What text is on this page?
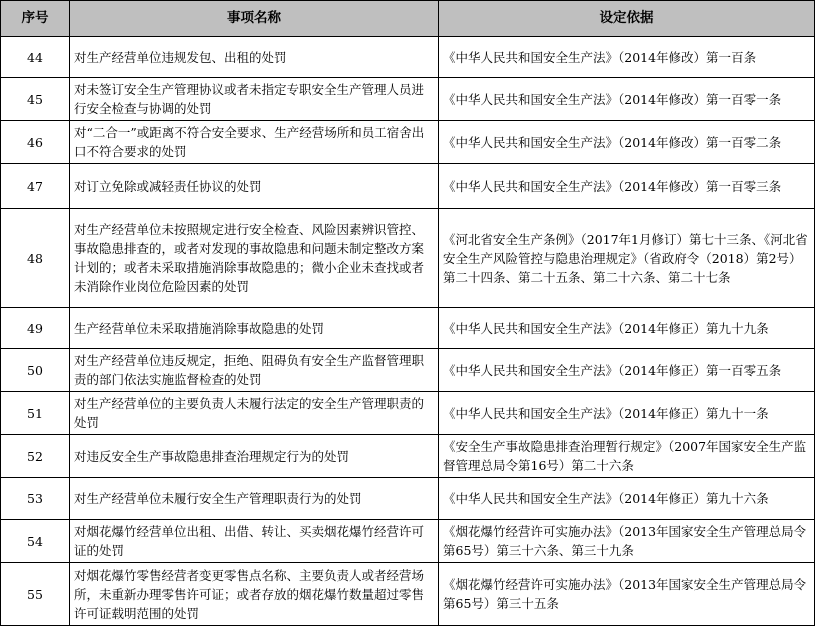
序号	事项名称	设定依据
44	对生产经营单位违规发包、出租的处罚	《中华人民共和国安全生产法》（2014年修改）第一百条
45	对未签订安全生产管理协议或者未指定专职安全生产管理人员进行安全检查与协调的处罚	《中华人民共和国安全生产法》（2014年修改）第一百零一条
46	对“二合一”或距离不符合安全要求、生产经营场所和员工宿舍出口不符合要求的处罚	《中华人民共和国安全生产法》（2014年修改）第一百零二条
47	对订立免除或减轻责任协议的处罚	《中华人民共和国安全生产法》（2014年修改）第一百零三条
48	对生产经营单位未按照规定进行安全检查、风险因素辨识管控、事故隐患排查的，或者对发现的事故隐患和问题未制定整改方案计划的；或者未采取措施消除事故隐患的；微小企业未查找或者未消除作业岗位危险因素的处罚	《河北省安全生产条例》（2017年1月修订）第七十三条、《河北省安全生产风险管控与隐患治理规定》（省政府令（2018）第2号）第二十四条、第二十五条、第二十六条、第二十七条
49	生产经营单位未采取措施消除事故隐患的处罚	《中华人民共和国安全生产法》（2014年修正）第九十九条
50	对生产经营单位违反规定，拒绝、阻碍负有安全生产监督管理职责的部门依法实施监督检查的处罚	《中华人民共和国安全生产法》（2014年修正）第一百零五条
51	对生产经营单位的主要负责人未履行法定的安全生产管理职责的处罚	《中华人民共和国安全生产法》（2014年修正）第九十一条
52	对违反安全生产事故隐患排查治理规定行为的处罚	《安全生产事故隐患排查治理暂行规定》（2007年国家安全生产监督管理总局令第16号）第二十六条
53	对生产经营单位未履行安全生产管理职责行为的处罚	《中华人民共和国安全生产法》（2014年修正）第九十六条
54	对烟花爆竹经营单位出租、出借、转让、买卖烟花爆竹经营许可证的处罚	《烟花爆竹经营许可实施办法》（2013年国家安全生产管理总局令第65号）第三十六条、第三十九条
55	对烟花爆竹零售经营者变更零售点名称、主要负责人或者经营场所，未重新办理零售许可证；或者存放的烟花爆竹数量超过零售许可证载明范围的处罚	《烟花爆竹经营许可实施办法》（2013年国家安全生产管理总局令第65号）第三十五条
